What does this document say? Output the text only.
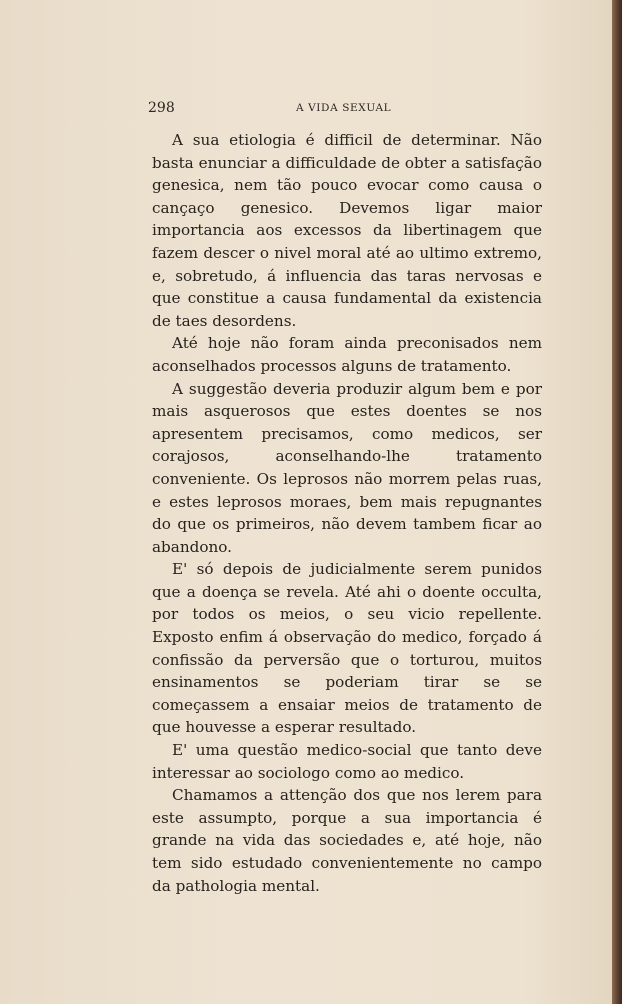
298	A VIDA SEXUAL

A sua etiologia é difficil de determinar. Não basta enunciar a difficuldade de obter a satisfação genesica, nem tão pouco evocar como causa o cançaço genesico. Devemos ligar maior importancia aos excessos da libertinagem que fazem descer o nivel moral até ao ultimo extremo, e, sobretudo, á influencia das taras nervosas e que constitue a causa fundamental da existencia de taes desordens.

Até hoje não foram ainda preconisados nem aconselhados processos alguns de tratamento.

A suggestão deveria produzir algum bem e por mais asquerosos que estes doentes se nos apresentem precisamos, como medicos, ser corajosos, aconselhando-lhe tratamento conveniente. Os leprosos não morrem pelas ruas, e estes leprosos moraes, bem mais repugnantes do que os primeiros, não devem tambem ficar ao abandono.

E' só depois de judicialmente serem punidos que a doença se revela. Até ahi o doente occulta, por todos os meios, o seu vicio repellente. Exposto enfim á observação do medico, forçado á confissão da perversão que o torturou, muitos ensinamentos se poderiam tirar se se começassem a ensaiar meios de tratamento de que houvesse a esperar resultado.

E' uma questão medico-social que tanto deve interessar ao sociologo como ao medico.

Chamamos a attenção dos que nos lerem para este assumpto, porque a sua importancia é grande na vida das sociedades e, até hoje, não tem sido estudado convenientemente no campo da pathologia mental.
